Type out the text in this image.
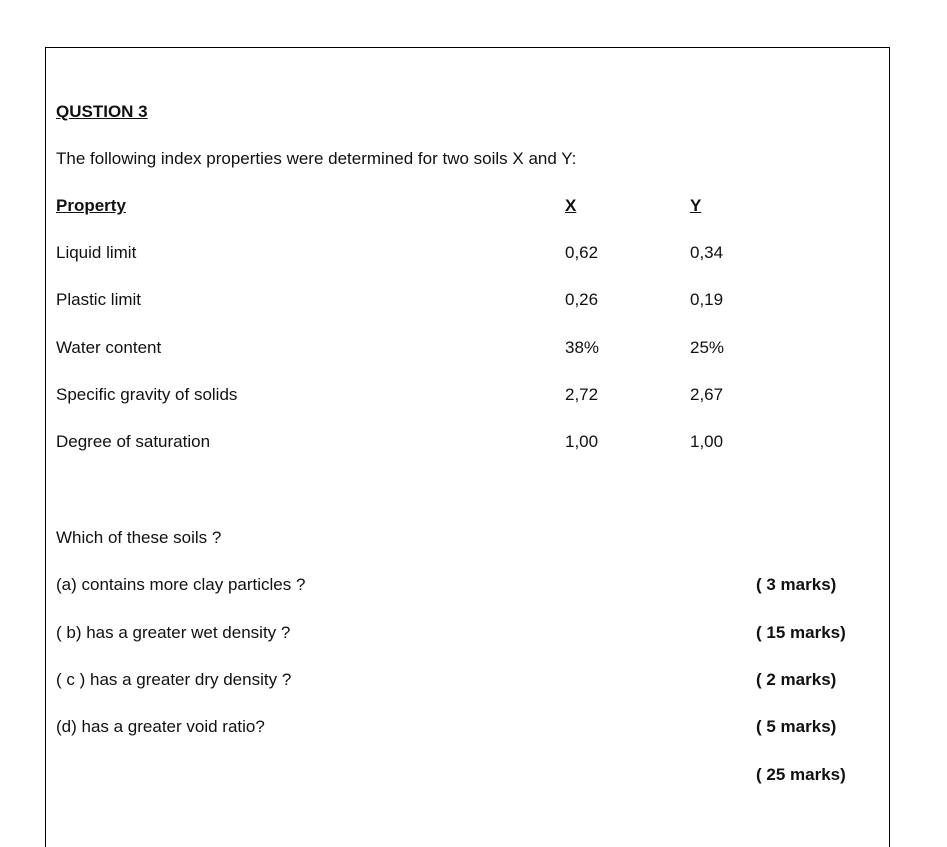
QUSTION 3
The following index properties were determined for two soils X and Y:
Property	X	Y
Liquid limit	0,62	0,34
Plastic limit	0,26	0,19
Water content	38%	25%
Specific gravity of solids	2,72	2,67
Degree of saturation	1,00	1,00
Which of these soils ?
(a) contains more clay particles ?	( 3 marks)
( b) has a greater wet density ?	( 15 marks)
( c ) has a greater dry density ?	( 2 marks)
(d) has a greater void ratio?	( 5 marks)
( 25 marks)
